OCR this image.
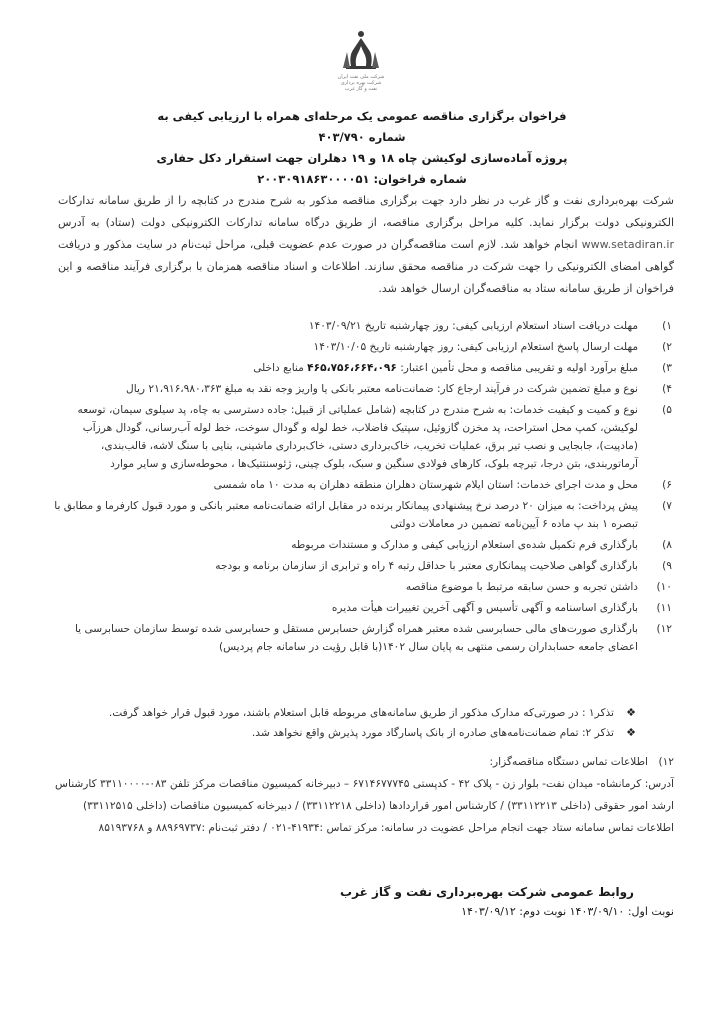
شرکت ملی نفت ایران
شرکت بهره برداری
نفت و گاز غرب
فراخوان برگزاری مناقصه عمومی یک مرحله‌ای همراه با ارزیابی کیفی به شماره ۴۰۳/۷۹۰
پروژه آماده‌سازی لوکیشن چاه ۱۸ و ۱۹ دهلران جهت استقرار دکل حفاری
شماره فراخوان: ۲۰۰۳۰۹۱۸۶۳۰۰۰۰۵۱
شرکت بهره‌برداری نفت و گاز غرب در نظر دارد جهت برگزاری مناقصه مذکور به شرح مندرج در کتابچه را از طریق سامانه تدارکات الکترونیکی دولت برگزار نماید. کلیه مراحل برگزاری مناقصه، از طریق درگاه سامانه تدارکات الکترونیکی دولت (ستاد) به آدرس www.setadiran.ir انجام خواهد شد. لازم است مناقصه‌گران در صورت عدم عضویت قبلی، مراحل ثبت‌نام در سایت مذکور و دریافت گواهی امضای الکترونیکی را جهت شرکت در مناقصه محقق سازند. اطلاعات و اسناد مناقصه همزمان با برگزاری فرآیند مناقصه و این فراخوان از طریق سامانه ستاد به مناقصه‌گران ارسال خواهد شد.
۱)
مهلت دریافت اسناد استعلام ارزیابی کیفی: روز چهارشنبه تاریخ ۱۴۰۳/۰۹/۲۱
۲)
مهلت ارسال پاسخ استعلام ارزیابی کیفی: روز چهارشنبه تاریخ ۱۴۰۳/۱۰/۰۵
۳)
مبلغ برآورد اولیه و تقریبی مناقصه و محل تأمین اعتبار: ۴۶۵،۷۵۶،۶۶۴،۰۹۶ منابع داخلی
۴)
نوع و مبلغ تضمین شرکت در فرآیند ارجاع کار: ضمانت‌نامه معتبر بانکی یا واریز وجه نقد به مبلغ ۲۱،۹۱۶،۹۸۰،۳۶۳ ریال
۵)
نوع و کمیت و کیفیت خدمات: به شرح مندرج در کتابچه (شامل عملیاتی از قبیل: جاده دسترسی به چاه، پد سیلوی سیمان، توسعه لوکیشن، کمپ محل استراحت، پد مخزن گازوئیل، سپتیک فاضلاب، خط لوله و گودال سوخت، خط لوله آب‌رسانی، گودال هرزآب (مادپیت)، جابجایی و نصب تیر برق، عملیات تخریب، خاک‌برداری دستی، خاک‌برداری ماشینی، بنایی با سنگ لاشه، قالب‌بندی، آرماتوربندی، بتن درجا، تیرچه بلوک، کارهای فولادی سنگین و سبک، بلوک چینی، ژئوسنتتیک‌ها ، محوطه‌سازی و سایر موارد
۶)
محل و مدت اجرای خدمات: استان ایلام شهرستان دهلران منطقه دهلران به مدت ۱۰ ماه شمسی
۷)
پیش پرداخت: به میزان ۲۰ درصد نرخ پیشنهادی پیمانکار برنده در مقابل ارائه ضمانت‌نامه معتبر بانکی و مورد قبول کارفرما و مطابق با تبصره ۱ بند پ ماده ۶ آیین‌نامه تضمین در معاملات دولتی
۸)
بارگذاری فرم تکمیل شده‌ی استعلام ارزیابی کیفی و مدارک و مستندات مربوطه
۹)
بارگذاری گواهی صلاحیت پیمانکاری معتبر با حداقل رتبه ۴ راه و ترابری از سازمان برنامه و بودجه
۱۰)
داشتن تجربه و حسن سابقه مرتبط با موضوع مناقصه
۱۱)
بارگذاری اساسنامه و آگهی تأسیس و آگهی آخرین تغییرات هیأت مدیره
۱۲)
بارگذاری صورت‌های مالی حسابرسی شده معتبر همراه گزارش حسابرس مستقل و حسابرسی شده توسط سازمان حسابرسی یا اعضای جامعه حسابداران رسمی منتهی به پایان سال ۱۴۰۲(با قابل رؤیت در سامانه جام پردیس)
❖
تذکر۱ : در صورتی‌که مدارک مذکور از طریق سامانه‌های مربوطه قابل استعلام باشند، مورد قبول قرار خواهد گرفت.
❖
تذکر ۲: تمام ضمانت‌نامه‌های صادره از بانک پاسارگاد مورد پذیرش واقع نخواهد شد.

۱۲)اطلاعات تماس دستگاه مناقصه‌گزار:

آدرس: کرمانشاه- میدان نفت- بلوار زن - پلاک ۴۲ - کدپستی ۶۷۱۴۶۷۷۷۴۵ – دبیرخانه کمیسیون مناقصات مرکز تلفن ۰۸۳-۳۳۱۱۰۰۰۰ کارشناس ارشد امور حقوقی (داخلی ۳۳۱۱۲۲۱۳) / کارشناس امور قراردادها (داخلی ۳۳۱۱۲۲۱۸) / دبیرخانه کمیسیون مناقصات (داخلی ۳۳۱۱۲۵۱۵)

اطلاعات تماس سامانه ستاد جهت انجام مراحل عضویت در سامانه: مرکز تماس :۴۱۹۳۴-۰۲۱ / دفتر ثبت‌نام :۸۸۹۶۹۷۳۷ و ۸۵۱۹۳۷۶۸

روابط عمومی شرکت بهره‌برداری نفت و گاز غرب
نوبت اول: ۱۴۰۳/۰۹/۱۰ نوبت دوم: ۱۴۰۳/۰۹/۱۲
